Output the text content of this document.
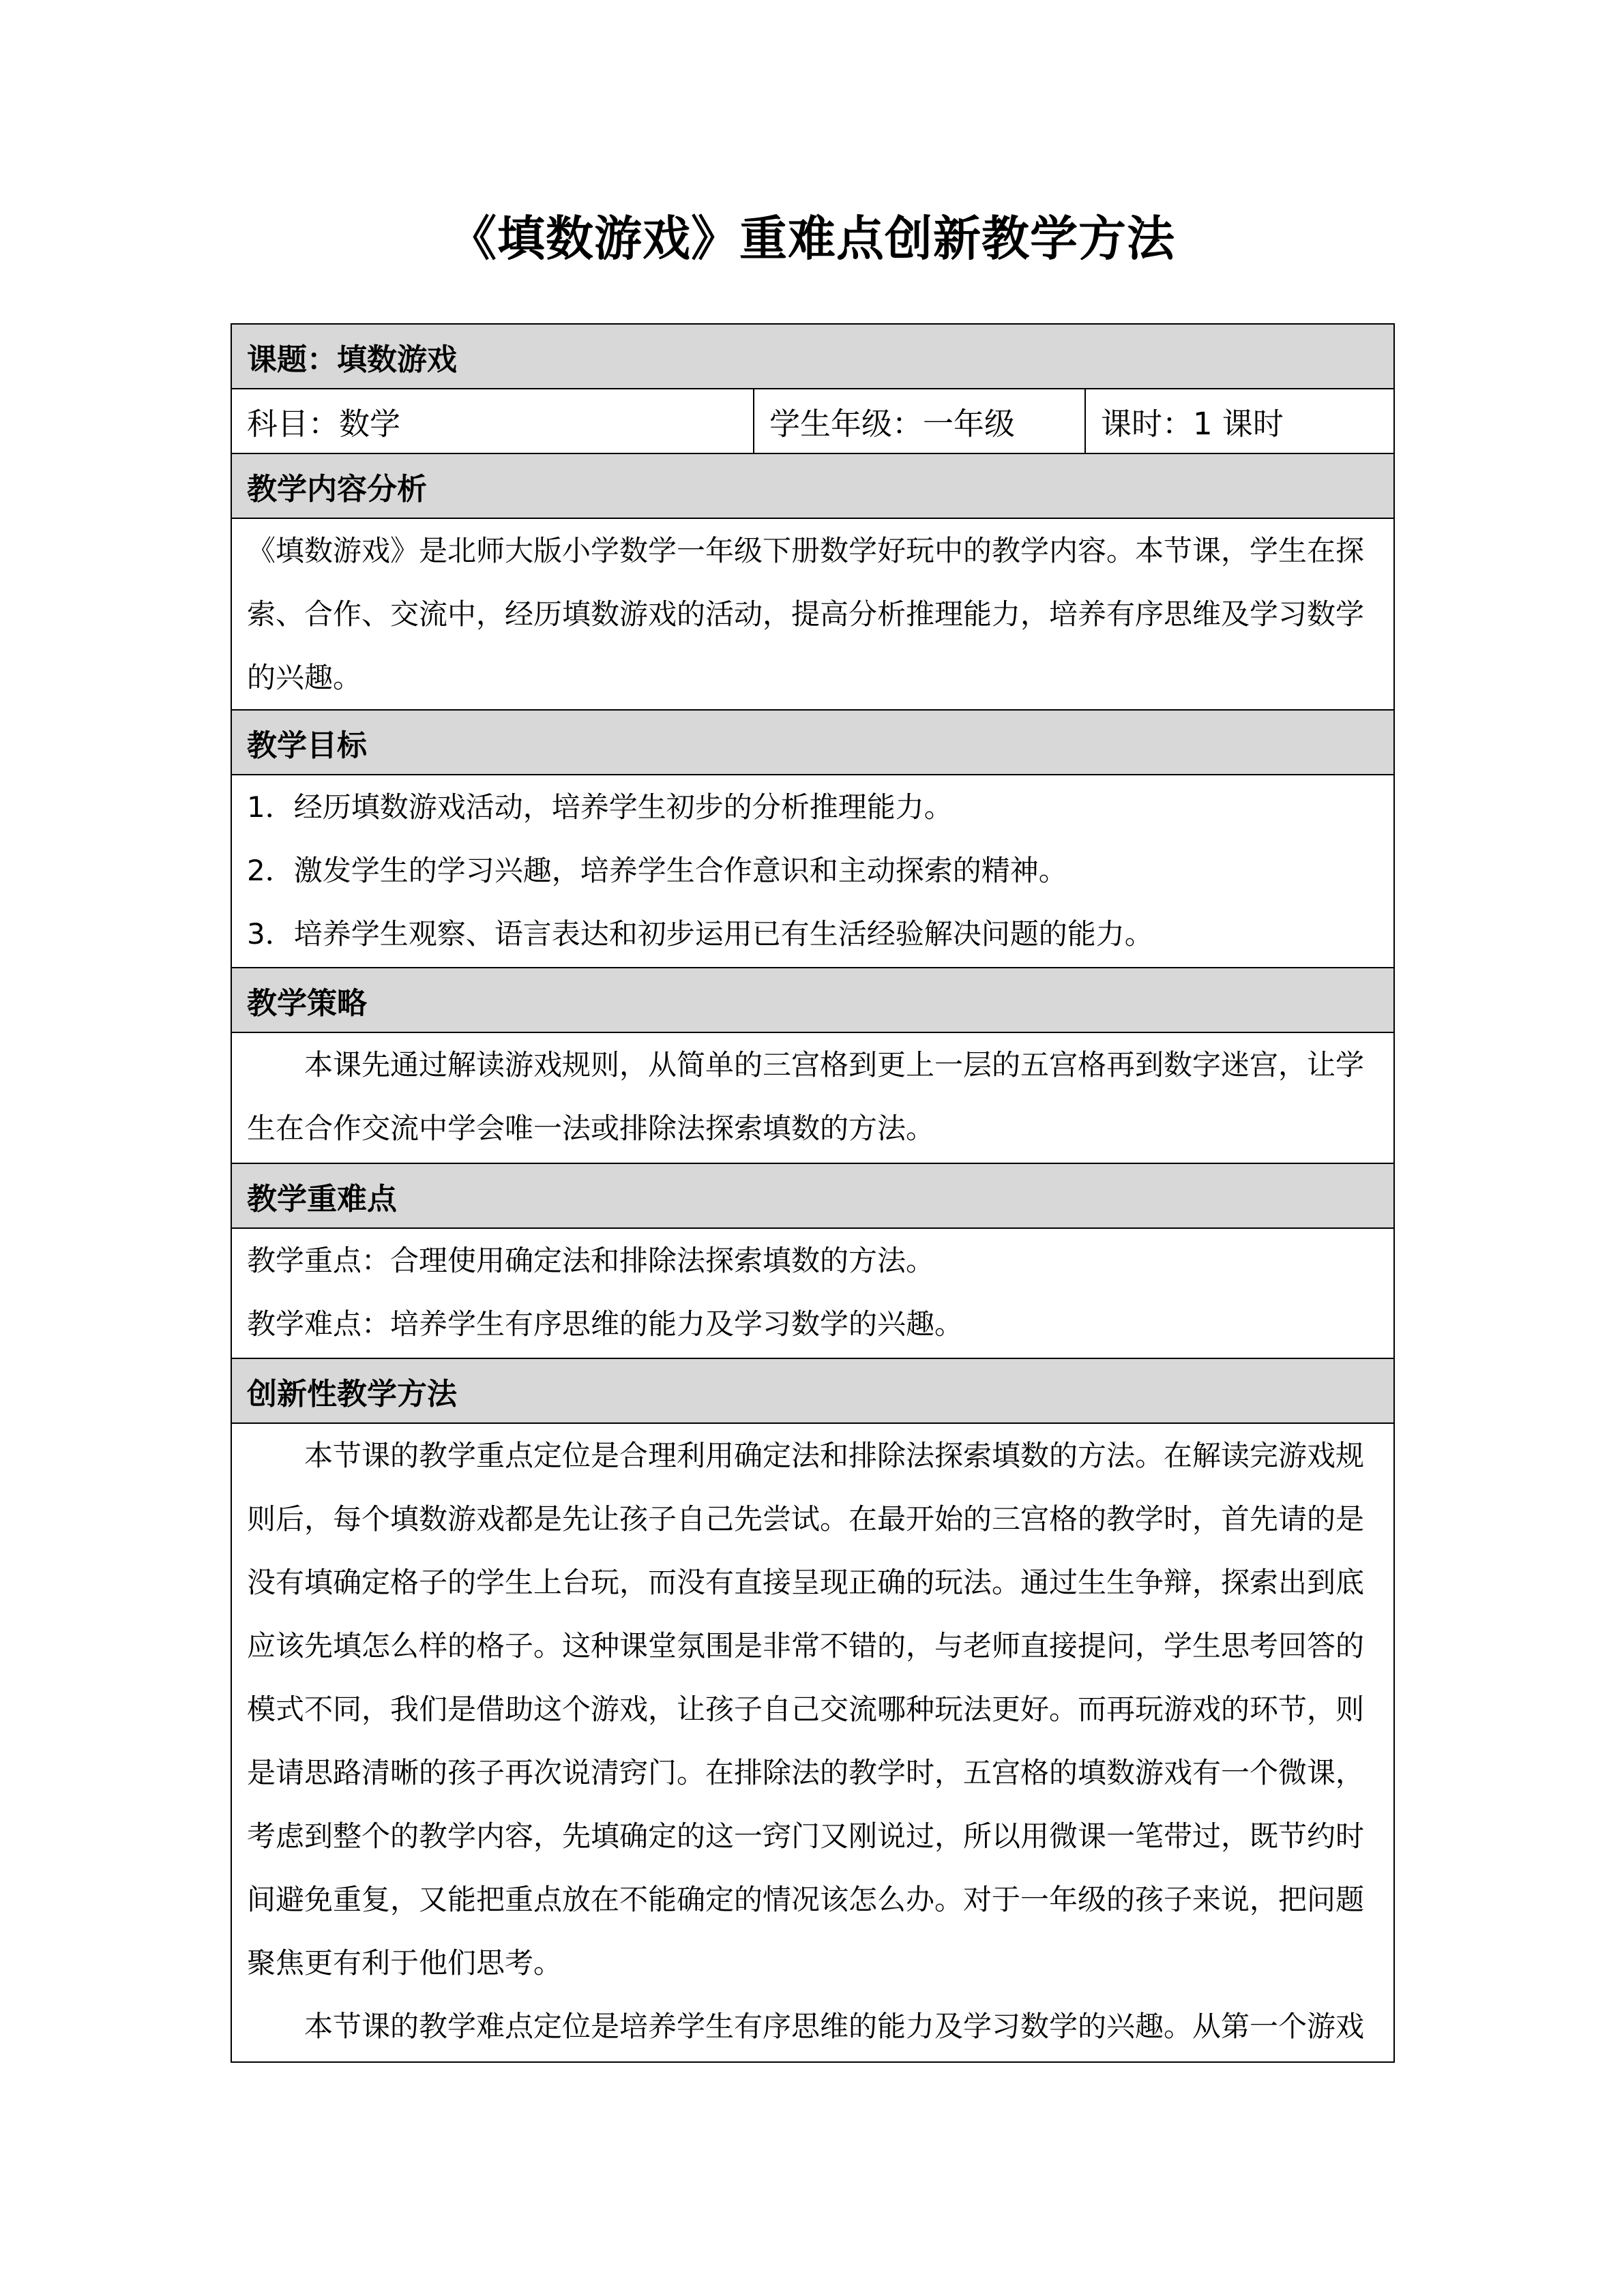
《填数游戏》重难点创新教学方法
课题：填数游戏
科目：数学	学生年级：一年级	课时：1 课时
教学内容分析

《填数游戏》是北师大版小学数学一年级下册数学好玩中的教学内容。本节课，学生在探

索、合作、交流中，经历填数游戏的活动，提高分析推理能力，培养有序思维及学习数学

的兴趣。

教学目标

1．经历填数游戏活动，培养学生初步的分析推理能力。

2．激发学生的学习兴趣，培养学生合作意识和主动探索的精神。

3．培养学生观察、语言表达和初步运用已有生活经验解决问题的能力。

教学策略

本课先通过解读游戏规则，从简单的三宫格到更上一层的五宫格再到数字迷宫，让学

生在合作交流中学会唯一法或排除法探索填数的方法。

教学重难点

教学重点：合理使用确定法和排除法探索填数的方法。

教学难点：培养学生有序思维的能力及学习数学的兴趣。

创新性教学方法

本节课的教学重点定位是合理利用确定法和排除法探索填数的方法。在解读完游戏规

则后，每个填数游戏都是先让孩子自己先尝试。在最开始的三宫格的教学时，首先请的是

没有填确定格子的学生上台玩，而没有直接呈现正确的玩法。通过生生争辩，探索出到底

应该先填怎么样的格子。这种课堂氛围是非常不错的，与老师直接提问，学生思考回答的

模式不同，我们是借助这个游戏，让孩子自己交流哪种玩法更好。而再玩游戏的环节，则

是请思路清晰的孩子再次说清窍门。在排除法的教学时，五宫格的填数游戏有一个微课，

考虑到整个的教学内容，先填确定的这一窍门又刚说过，所以用微课一笔带过，既节约时

间避免重复，又能把重点放在不能确定的情况该怎么办。对于一年级的孩子来说，把问题

聚焦更有利于他们思考。

本节课的教学难点定位是培养学生有序思维的能力及学习数学的兴趣。从第一个游戏
